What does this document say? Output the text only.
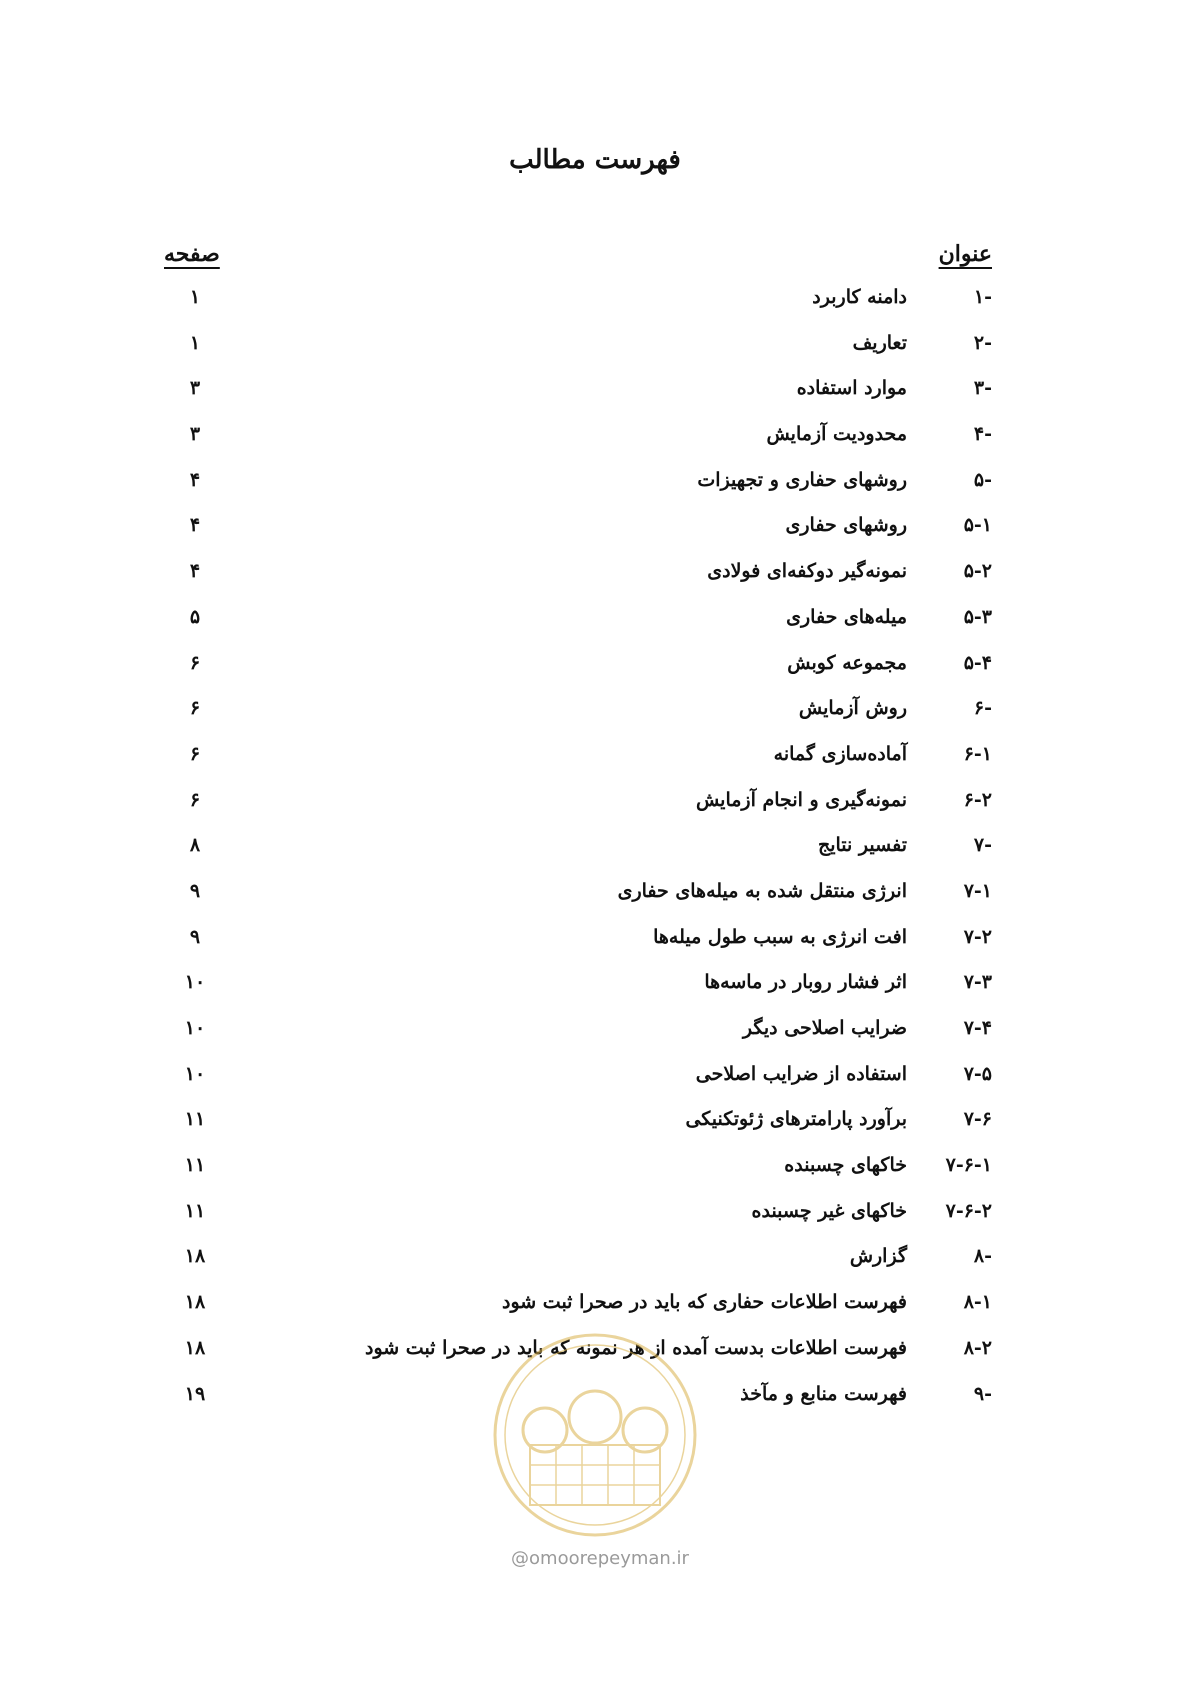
فهرست مطالب
عنوان
صفحه
-۱
دامنه کاربرد
۱
-۲
تعاریف
۱
-۳
موارد استفاده
۳
-۴
محدودیت آزمایش
۳
-۵
روشهای حفاری و تجهیزات
۴
۵-۱
روشهای حفاری
۴
۵-۲
نمونه‌گیر دوکفه‌ای فولادی
۴
۵-۳
میله‌های حفاری
۵
۵-۴
مجموعه کوبش
۶
-۶
روش آزمایش
۶
۶-۱
آماده‌سازی گمانه
۶
۶-۲
نمونه‌گیری و انجام آزمایش
۶
-۷
تفسیر نتایج
۸
۷-۱
انرژی منتقل شده به میله‌های حفاری
۹
۷-۲
افت انرژی به سبب طول میله‌ها
۹
۷-۳
اثر فشار روبار در ماسه‌ها
۱۰
۷-۴
ضرایب اصلاحی دیگر
۱۰
۷-۵
استفاده از ضرایب اصلاحی
۱۰
۷-۶
برآورد پارامترهای ژئوتکنیکی
۱۱
۷-۶-۱
خاکهای چسبنده
۱۱
۷-۶-۲
خاکهای غیر چسبنده
۱۱
-۸
گزارش
۱۸
۸-۱
فهرست اطلاعات حفاری که باید در صحرا ثبت شود
۱۸
۸-۲
فهرست اطلاعات بدست آمده از هر نمونه که باید در صحرا ثبت شود
۱۸
-۹
فهرست منابع و مآخذ
۱۹
@omoorepeyman.ir
